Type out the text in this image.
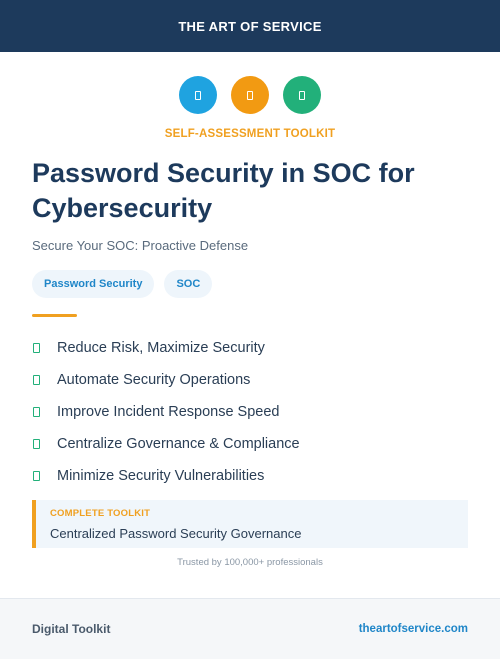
THE ART OF SERVICE
SELF-ASSESSMENT TOOLKIT
Password Security in SOC for Cybersecurity
Secure Your SOC: Proactive Defense
Password Security	SOC
Reduce Risk, Maximize Security
Automate Security Operations
Improve Incident Response Speed
Centralize Governance & Compliance
Minimize Security Vulnerabilities
COMPLETE TOOLKIT
Centralized Password Security Governance
Trusted by 100,000+ professionals
Digital Toolkit	theartofservice.com
